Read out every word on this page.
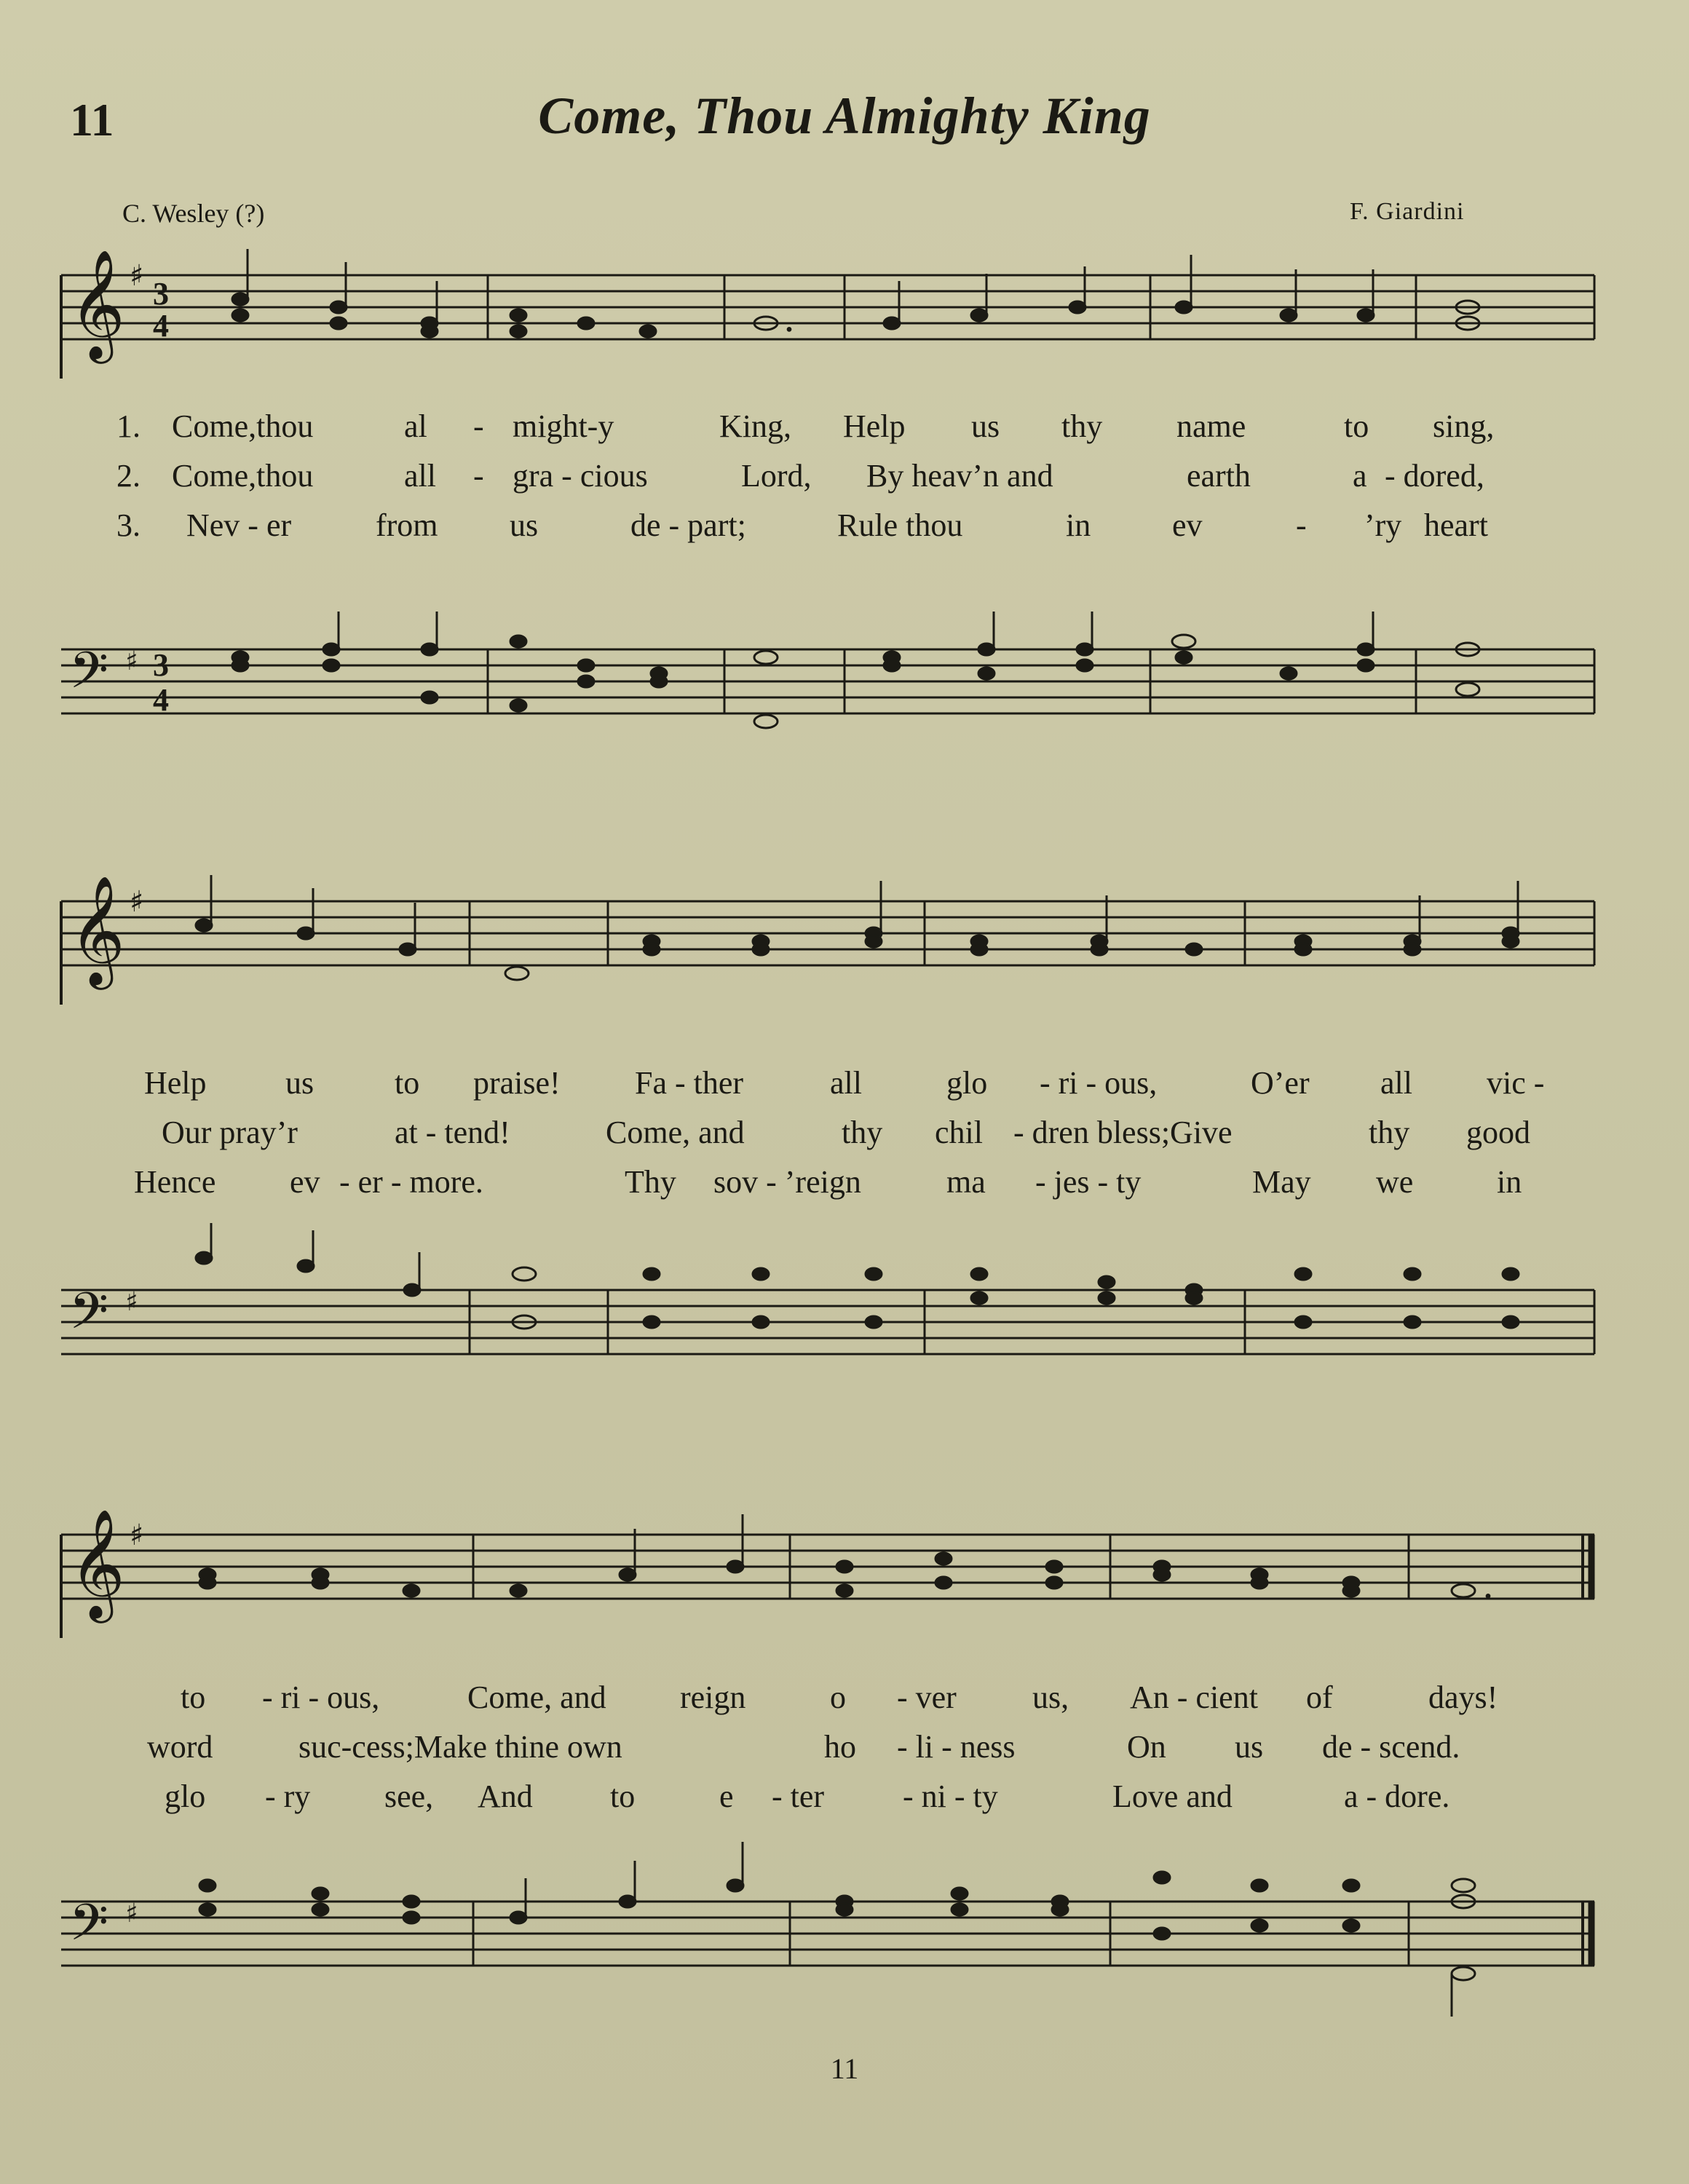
11	Come, Thou Almighty King
C. Wesley (?)	F. Giardini
𝄞 ♯ 3
4	.
1. Come,thou	al - might-y	King, Help us thy name	to sing,
2. Come,thou	all - gra - cious	Lord, By heav’n and	earth	a - dored,
3. Nev - er	from us	de - part;	Rule thou	in	ev	- ’ry heart
𝄢 ♯ 3
4
𝄞 ♯
Help us	to praise! Fa - ther	all	glo - ri - ous,	O’er all vic -
Our pray’r	at - tend!	Come, and	thy chil - dren bless;Give	thy good
Hence ev - er - more.	Thy sov - ’reign	ma - jes - ty	May we	in
𝄢 ♯
𝄞 ♯
.
to - ri - ous,	Come, and reign	o - ver us, An - cient of	days!
word	suc-cess;Make thine own	ho - li - ness	On us de - scend.
glo - ry see, And to	e - ter - ni - ty	Love and	a - dore.
𝄢 ♯
11
